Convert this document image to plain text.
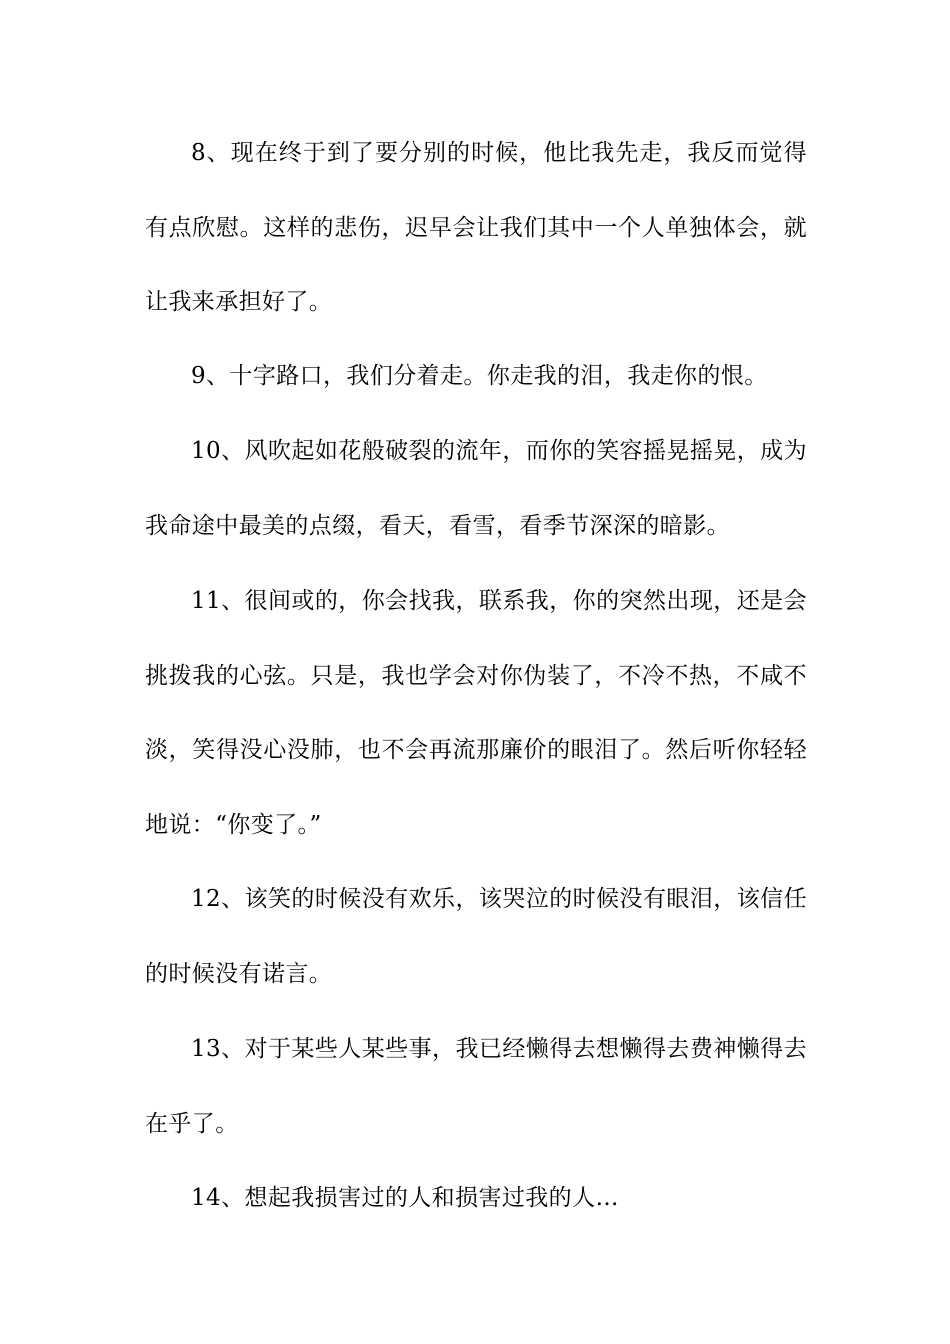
8、现在终于到了要分别的时候，他比我先走，我反而觉得有点欣慰。这样的悲伤，迟早会让我们其中一个人单独体会，就让我来承担好了。

9、十字路口，我们分着走。你走我的泪，我走你的恨。

10、风吹起如花般破裂的流年，而你的笑容摇晃摇晃，成为我命途中最美的点缀，看天，看雪，看季节深深的暗影。

11、很间或的，你会找我，联系我，你的突然出现，还是会挑拨我的心弦。只是，我也学会对你伪装了，不冷不热，不咸不淡，笑得没心没肺，也不会再流那廉价的眼泪了。然后听你轻轻地说：“你变了。”

12、该笑的时候没有欢乐，该哭泣的时候没有眼泪，该信任的时候没有诺言。

13、对于某些人某些事，我已经懒得去想懒得去费神懒得去在乎了。

14、想起我损害过的人和损害过我的人…
